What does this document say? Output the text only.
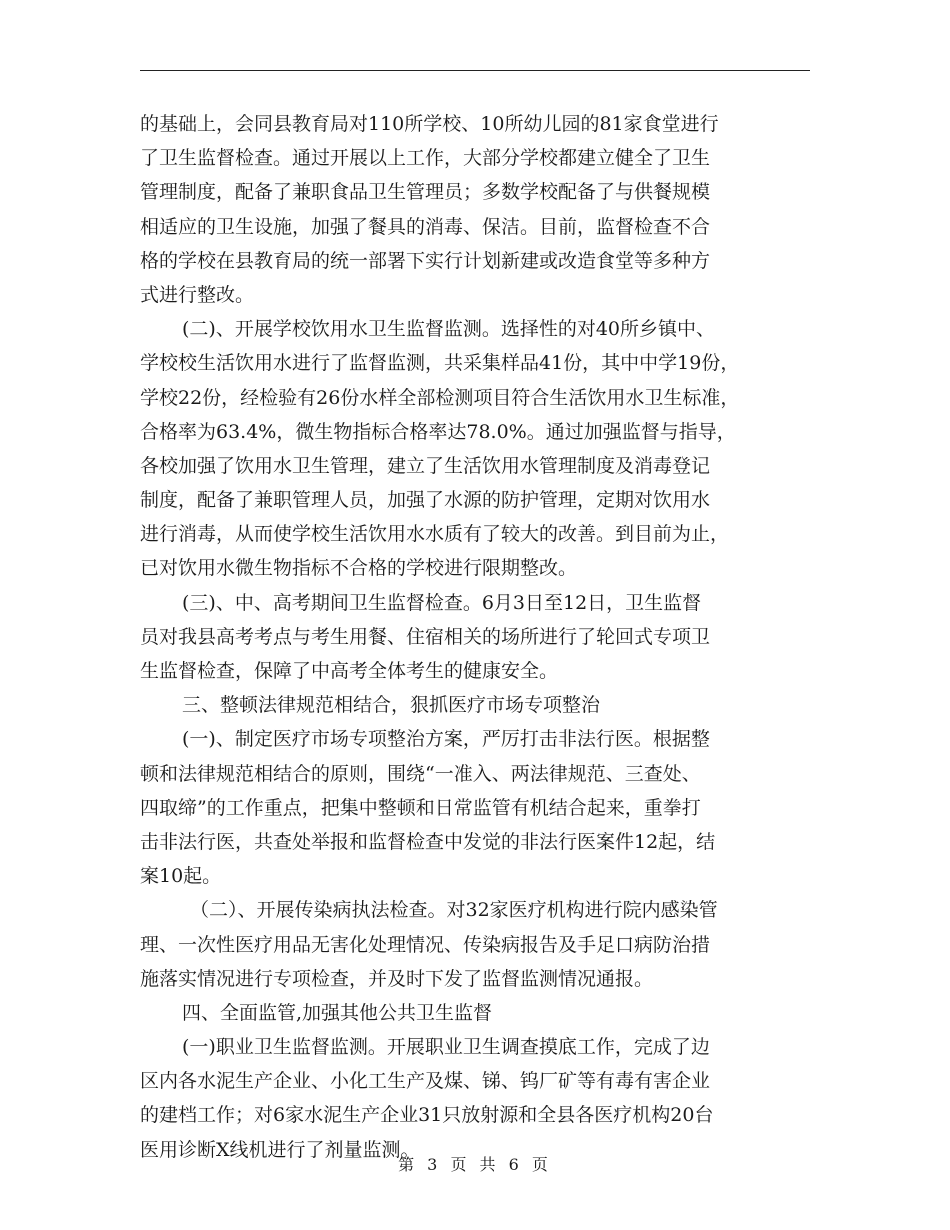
的基础上，会同县教育局对110所学校、10所幼儿园的81家食堂进行
了卫生监督检查。通过开展以上工作，大部分学校都建立健全了卫生
管理制度，配备了兼职食品卫生管理员；多数学校配备了与供餐规模
相适应的卫生设施，加强了餐具的消毒、保洁。目前，监督检查不合
格的学校在县教育局的统一部署下实行计划新建或改造食堂等多种方
式进行整改。
(二)、开展学校饮用水卫生监督监测。选择性的对40所乡镇中、
学校校生活饮用水进行了监督监测，共采集样品41份，其中中学19份，
学校22份，经检验有26份水样全部检测项目符合生活饮用水卫生标准，
合格率为63.4%，微生物指标合格率达78.0%。通过加强监督与指导，
各校加强了饮用水卫生管理，建立了生活饮用水管理制度及消毒登记
制度，配备了兼职管理人员，加强了水源的防护管理，定期对饮用水
进行消毒，从而使学校生活饮用水水质有了较大的改善。到目前为止，
已对饮用水微生物指标不合格的学校进行限期整改。
(三)、中、高考期间卫生监督检查。6月3日至12日，卫生监督
员对我县高考考点与考生用餐、住宿相关的场所进行了轮回式专项卫
生监督检查，保障了中高考全体考生的健康安全。
三、整顿法律规范相结合，狠抓医疗市场专项整治
(一)、制定医疗市场专项整治方案，严厉打击非法行医。根据整
顿和法律规范相结合的原则，围绕“一准入、两法律规范、三查处、
四取缔”的工作重点，把集中整顿和日常监管有机结合起来，重拳打
击非法行医，共查处举报和监督检查中发觉的非法行医案件12起，结
案10起。
（二）、开展传染病执法检查。对32家医疗机构进行院内感染管
理、一次性医疗用品无害化处理情况、传染病报告及手足口病防治措
施落实情况进行专项检查，并及时下发了监督监测情况通报。
四、全面监管,加强其他公共卫生监督
(一)职业卫生监督监测。开展职业卫生调查摸底工作，完成了边
区内各水泥生产企业、小化工生产及煤、锑、钨厂矿等有毒有害企业
的建档工作；对6家水泥生产企业31只放射源和全县各医疗机构20台
医用诊断X线机进行了剂量监测。
第 3 页 共 6 页
